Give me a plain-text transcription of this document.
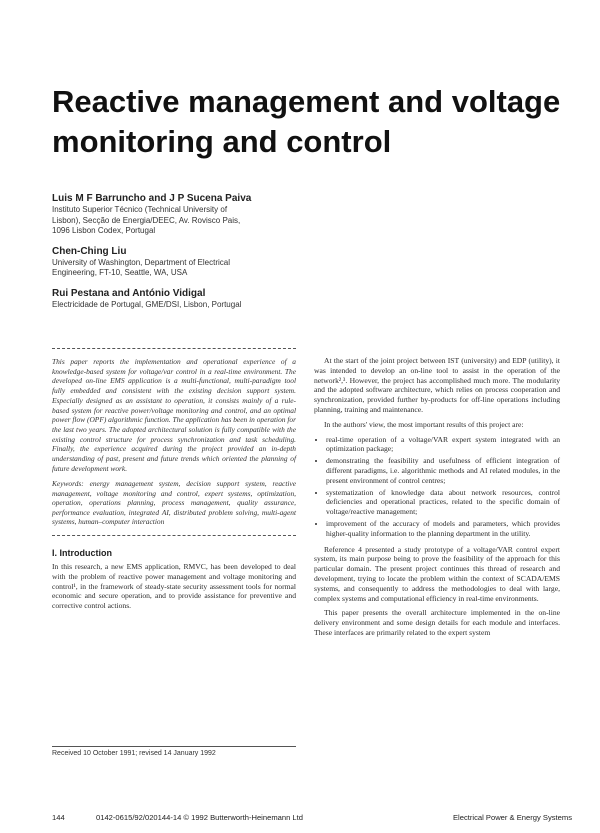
Reactive management and voltage monitoring and control
Luis M F Barruncho and J P Sucena Paiva
Instituto Superior Técnico (Technical University of
Lisbon), Secção de Energia/DEEC, Av. Rovisco Pais,
1096 Lisbon Codex, Portugal
Chen-Ching Liu
University of Washington, Department of Electrical
Engineering, FT-10, Seattle, WA, USA
Rui Pestana and António Vidigal
Electricidade de Portugal, GME/DSI, Lisbon, Portugal

This paper reports the implementation and operational experience of a knowledge-based system for voltage/var control in a real-time environment. The developed on-line EMS application is a multi-functional, multi-paradigm tool fully embedded and consistent with the existing decision support system. Especially designed as an assistant to operation, it consists mainly of a rule-based system for reactive power/voltage monitoring and control, and an optimal power flow (OPF) algorithmic function. The application has been in operation for the last two years. The adopted architectural solution is fully compatible with the existing control structure for process synchronization and task scheduling. Finally, the experience acquired during the project provided an in-depth understanding of past, present and future trends which oriented the planning of future development work.

Keywords: energy management system, decision support system, reactive management, voltage monitoring and control, expert systems, optimization, operation, operations planning, process management, quality assurance, performance evaluation, integrated AI, distributed problem solving, multi-agent systems, human–computer interaction

I. Introduction

In this research, a new EMS application, RMVC, has been developed to deal with the problem of reactive power management and voltage monitoring and control¹, in the framework of steady-state security assessment tools for normal economic and secure operation, and to provide assistance for preventive and corrective control actions.

Received 10 October 1991; revised 14 January 1992

At the start of the joint project between IST (university) and EDP (utility), it was intended to develop an on-line tool to assist in the operation of the network²,³. However, the project has accomplished much more. The modularity and the adopted software architecture, which relies on process cooperation and synchronization, provided further by-products for off-line operations including planning, training and maintenance.

In the authors' view, the most important results of this project are:

• real-time operation of a voltage/VAR expert system integrated with an optimization package;
• demonstrating the feasibility and usefulness of efficient integration of different paradigms, i.e. algorithmic methods and AI related modules, in the present environment of control centres;
• systematization of knowledge data about network resources, control deficiencies and operational practices, related to the specific domain of voltage/reactive management;
• improvement of the accuracy of models and parameters, which provides higher-quality information to the planning department in the utility.

Reference 4 presented a study prototype of a voltage/VAR control expert system, its main purpose being to prove the feasibility of the approach for this particular domain. The present project continues this thread of research and development, trying to locate the problem within the context of SCADA/EMS systems, and consequently to address the methodologies to deal with large, complex systems and computational efficiency in real-time environments.

This paper presents the overall architecture implemented in the on-line delivery environment and some design details for each module and interfaces. These interfaces are primarily related to the expert system

144	0142-0615/92/020144-14 © 1992 Butterworth-Heinemann Ltd	Electrical Power & Energy Systems
